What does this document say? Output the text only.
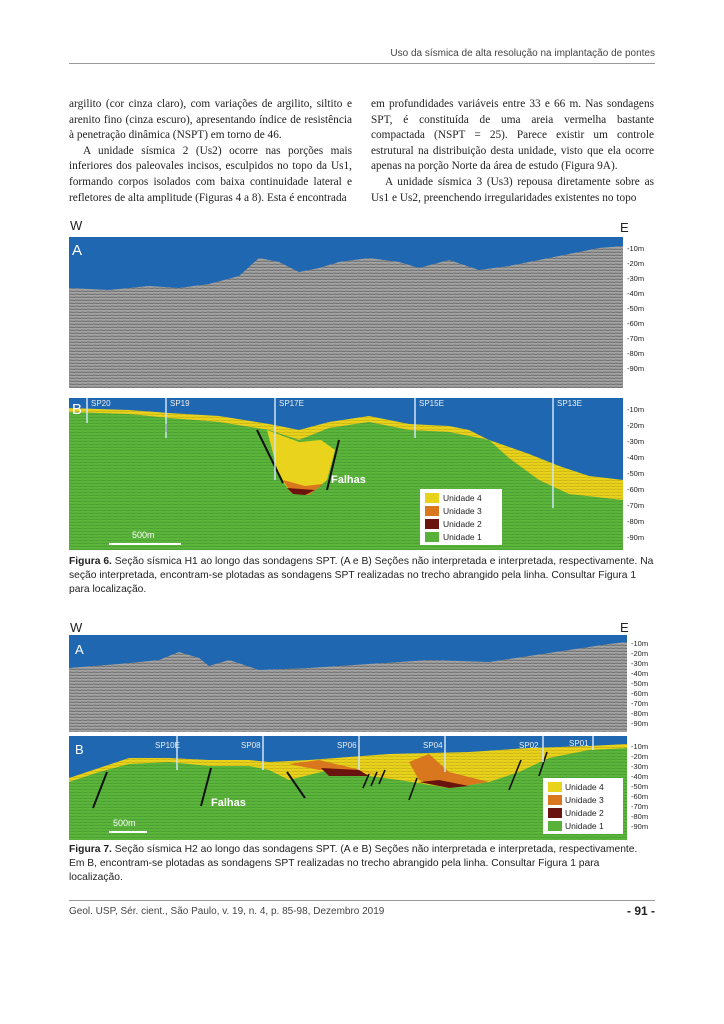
Uso da sísmica de alta resolução na implantação de pontes

argilito (cor cinza claro), com variações de argilito, siltito e arenito fino (cinza escuro), apresentando índice de resistência à penetração dinâmica (NSPT) em torno de 46.

A unidade sísmica 2 (Us2) ocorre nas porções mais inferiores dos paleovales incisos, esculpidos no topo da Us1, formando corpos isolados com baixa continuidade lateral e refletores de alta amplitude (Figuras 4 a 8). Esta é encontrada

em profundidades variáveis entre 33 e 66 m. Nas sondagens SPT, é constituída de uma areia vermelha bastante compactada (NSPT = 25). Parece existir um controle estrutural na distribuição desta unidade, visto que ela ocorre apenas na porção Norte da área de estudo (Figura 9A).

A unidade sísmica 3 (Us3) repousa diretamente sobre as Us1 e Us2, preenchendo irregularidades existentes no topo

W	E
A	-10m
-20m
-30m
-40m
-50m
-60m
-70m
-80m
-90m
SP20	SP19	SP17E	SP15E	SP13E
B
Falhas
500m
Unidade 4
Unidade 3
Unidade 2
Unidade 1
-10m
-20m
-30m
-40m
-50m
-60m
-70m
-80m
-90m
Figura 6. Seção sísmica H1 ao longo das sondagens SPT. (A e B) Seções não interpretada e interpretada, respectivamente. Na seção interpretada, encontram-se plotadas as sondagens SPT realizadas no trecho abrangido pela linha. Consultar Figura 1 para localização.
W	E
A	-10m
-20m
-30m
-40m
-50m
-60m
-70m
-80m
-90m
SP10E	SP08	SP06	SP04	SP02	SP01
B
Falhas
500m
Unidade 4
Unidade 3
Unidade 2
Unidade 1
-10m
-20m
-30m
-40m
-50m
-60m
-70m
-80m
-90m
Figura 7. Seção sísmica H2 ao longo das sondagens SPT. (A e B) Seções não interpretada e interpretada, respectivamente. Em B, encontram-se plotadas as sondagens SPT realizadas no trecho abrangido pela linha. Consultar Figura 1 para localização.
Geol. USP, Sér. cient., São Paulo, v. 19, n. 4, p. 85-98, Dezembro 2019	- 91 -
